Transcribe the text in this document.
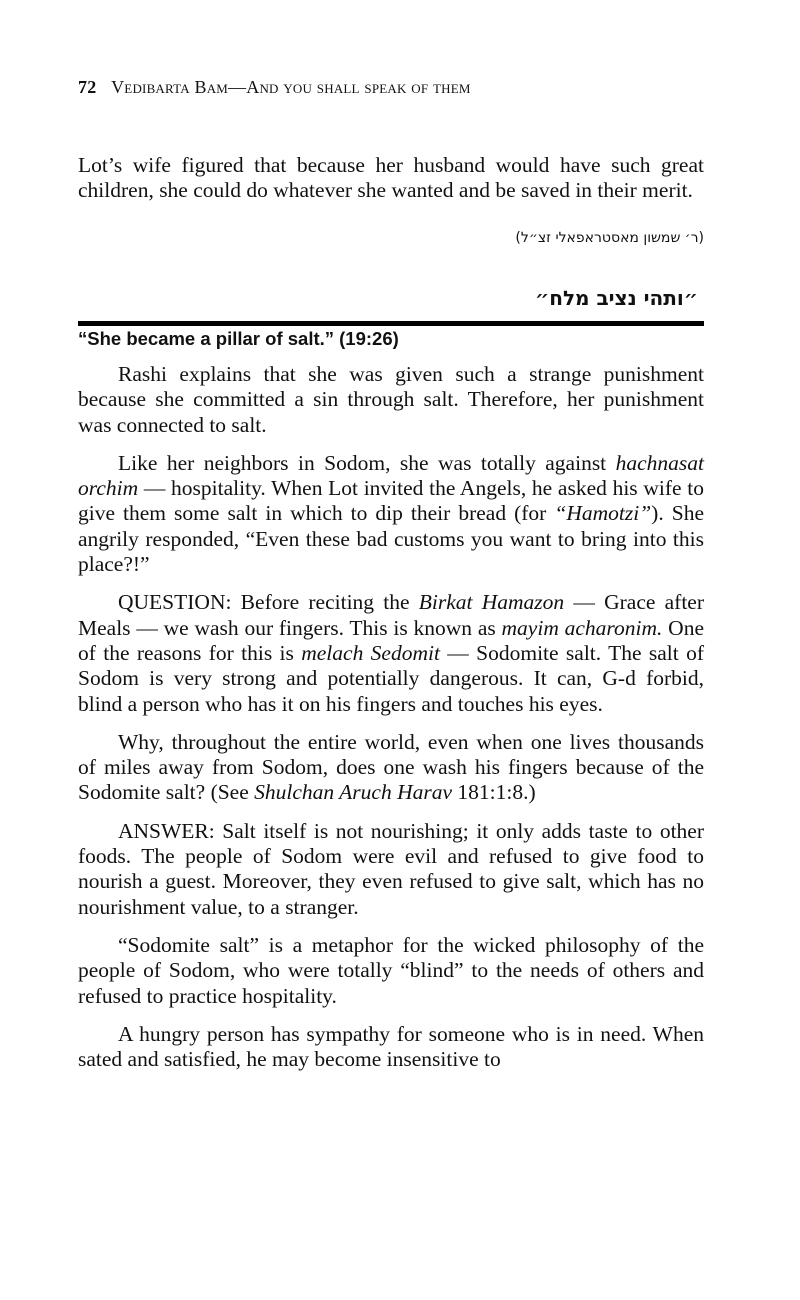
72 Vedibarta Bam—And you shall speak of them

Lot’s wife figured that because her husband would have such great children, she could do whatever she wanted and be saved in their merit.

(ר׳ שמשון מאסטראפאלי זצ״ל)
״ותהי נציב מלח״
“She became a pillar of salt.” (19:26)

Rashi explains that she was given such a strange punishment because she committed a sin through salt. Therefore, her punishment was connected to salt.

Like her neighbors in Sodom, she was totally against hachnasat orchim — hospitality. When Lot invited the Angels, he asked his wife to give them some salt in which to dip their bread (for “Hamotzi”). She angrily responded, “Even these bad customs you want to bring into this place?!”

QUESTION: Before reciting the Birkat Hamazon — Grace after Meals — we wash our fingers. This is known as mayim acharonim. One of the reasons for this is melach Sedomit — Sodomite salt. The salt of Sodom is very strong and potentially dangerous. It can, G-d forbid, blind a person who has it on his fingers and touches his eyes.

Why, throughout the entire world, even when one lives thousands of miles away from Sodom, does one wash his fingers because of the Sodomite salt? (See Shulchan Aruch Harav 181:1:8.)

ANSWER: Salt itself is not nourishing; it only adds taste to other foods. The people of Sodom were evil and refused to give food to nourish a guest. Moreover, they even refused to give salt, which has no nourishment value, to a stranger.

“Sodomite salt” is a metaphor for the wicked philosophy of the people of Sodom, who were totally “blind” to the needs of others and refused to practice hospitality.

A hungry person has sympathy for someone who is in need. When sated and satisfied, he may become insensitive to
